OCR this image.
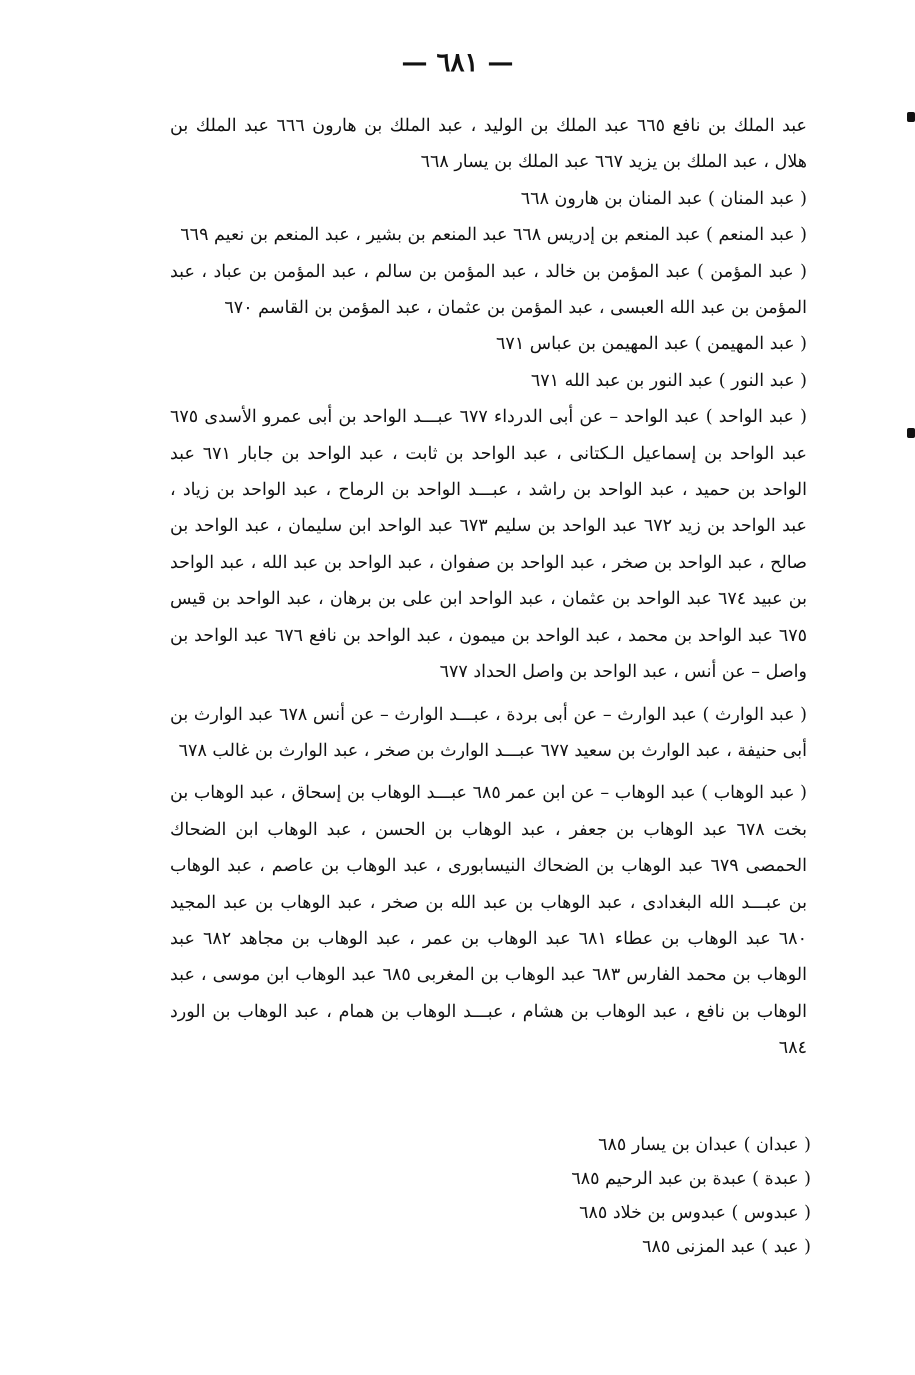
— ٦٨١ —

عبد الملك بن نافع ٦٦٥ عبد الملك بن الوليد ، عبد الملك بن هارون ٦٦٦ عبد الملك بن هلال ، عبد الملك بن يزيد ٦٦٧ عبد الملك بن يسار ٦٦٨

( عبد المنان ) عبد المنان بن هارون ٦٦٨

( عبد المنعم ) عبد المنعم بن إدريس ٦٦٨ عبد المنعم بن بشير ، عبد المنعم بن نعيم ٦٦٩

( عبد المؤمن ) عبد المؤمن بن خالد ، عبد المؤمن بن سالم ، عبد المؤمن بن عباد ، عبد المؤمن بن عبد الله العبسى ، عبد المؤمن بن عثمان ، عبد المؤمن بن القاسم ٦٧٠

( عبد المهيمن ) عبد المهيمن بن عباس ٦٧١

( عبد النور ) عبد النور بن عبد الله ٦٧١

( عبد الواحد ) عبد الواحد – عن أبى الدرداء ٦٧٧ عبـــد الواحد بن أبى عمرو الأسدى ٦٧٥ عبد الواحد بن إسماعيل الـكتانى ، عبد الواحد بن ثابت ، عبد الواحد بن جابار ٦٧١ عبد الواحد بن حميد ، عبد الواحد بن راشد ، عبـــد الواحد بن الرماح ، عبد الواحد بن زياد ، عبد الواحد بن زيد ٦٧٢ عبد الواحد بن سليم ٦٧٣ عبد الواحد ابن سليمان ، عبد الواحد بن صالح ، عبد الواحد بن صخر ، عبد الواحد بن صفوان ، عبد الواحد بن عبد الله ، عبد الواحد بن عبيد ٦٧٤ عبد الواحد بن عثمان ، عبد الواحد ابن على بن برهان ، عبد الواحد بن قيس ٦٧٥ عبد الواحد بن محمد ، عبد الواحد بن ميمون ، عبد الواحد بن نافع ٦٧٦ عبد الواحد بن واصل – عن أنس ، عبد الواحد بن واصل الحداد ٦٧٧

( عبد الوارث ) عبد الوارث – عن أبى بردة ، عبـــد الوارث – عن أنس ٦٧٨ عبد الوارث بن أبى حنيفة ، عبد الوارث بن سعيد ٦٧٧ عبـــد الوارث بن صخر ، عبد الوارث بن غالب ٦٧٨

( عبد الوهاب ) عبد الوهاب – عن ابن عمر ٦٨٥ عبـــد الوهاب بن إسحاق ، عبد الوهاب بن بخت ٦٧٨ عبد الوهاب بن جعفر ، عبد الوهاب بن الحسن ، عبد الوهاب ابن الضحاك الحمصى ٦٧٩ عبد الوهاب بن الضحاك النيسابورى ، عبد الوهاب بن عاصم ، عبد الوهاب بن عبـــد الله البغدادى ، عبد الوهاب بن عبد الله بن صخر ، عبد الوهاب بن عبد المجيد ٦٨٠ عبد الوهاب بن عطاء ٦٨١ عبد الوهاب بن عمر ، عبد الوهاب بن مجاهد ٦٨٢ عبد الوهاب بن محمد الفارس ٦٨٣ عبد الوهاب بن المغربى ٦٨٥ عبد الوهاب ابن موسى ، عبد الوهاب بن نافع ، عبد الوهاب بن هشام ، عبـــد الوهاب بن همام ، عبد الوهاب بن الورد ٦٨٤

( عبدان ) عبدان بن يسار ٦٨٥
( عبدة ) عبدة بن عبد الرحيم ٦٨٥
( عبدوس ) عبدوس بن خلاد ٦٨٥
( عبد ) عبد المزنى ٦٨٥
